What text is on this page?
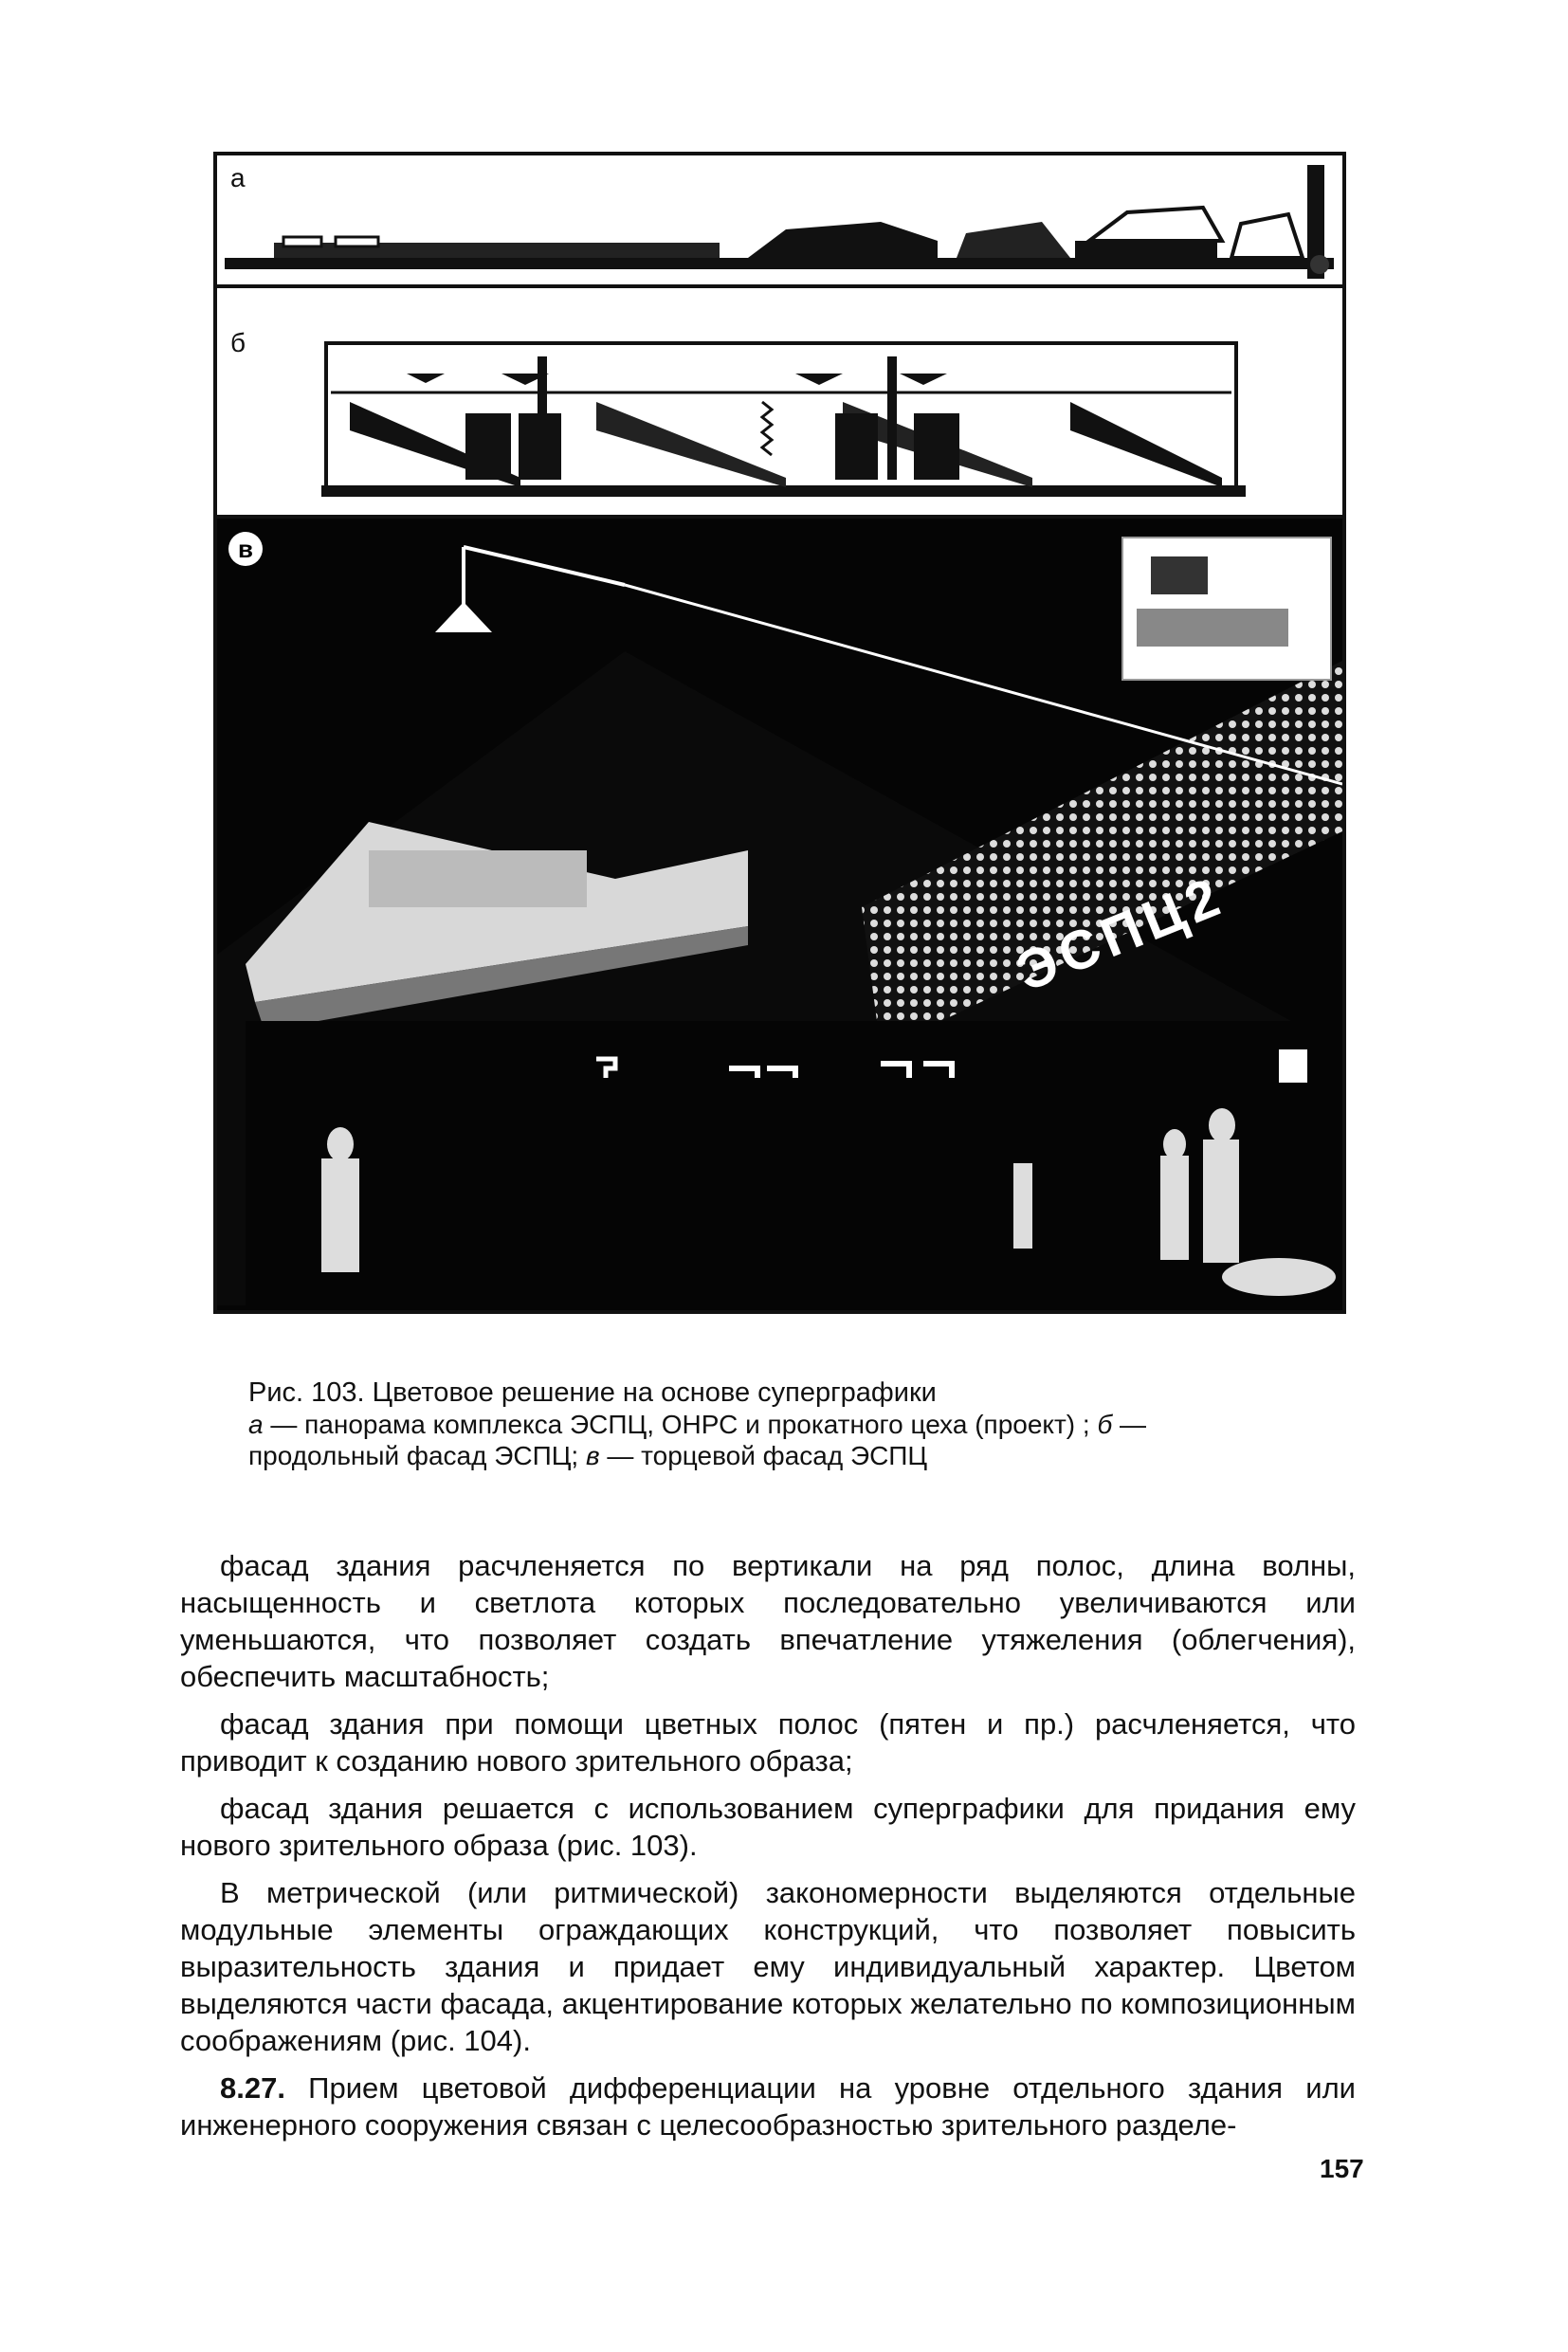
а
б
в
ЭСПЦ2
Рис. 103. Цветовое решение на основе суперграфики
а — панорама комплекса ЭСПЦ, ОНРС и прокатного цеха (проект) ; б —
продольный фасад ЭСПЦ; в — торцевой фасад ЭСПЦ

фасад здания расчленяется по вертикали на ряд полос, длина волны, насыщенность и светлота которых последовательно увеличиваются или уменьшаются, что позволяет создать впечатление утяжеления (облегчения), обеспечить масштабность;

фасад здания при помощи цветных полос (пятен и пр.) расчленяется, что приводит к созданию нового зрительного образа;

фасад здания решается с использованием суперграфики для придания ему нового зрительного образа (рис. 103).

В метрической (или ритмической) закономерности выделяются отдельные модульные элементы ограждающих конструкций, что позволяет повысить выразительность здания и придает ему индивидуальный характер. Цветом выделяются части фасада, акцентирование которых желательно по композиционным соображениям (рис. 104).

8.27. Прием цветовой дифференциации на уровне отдельного здания или инженерного сооружения связан с целесообразностью зрительного разделе-

157
